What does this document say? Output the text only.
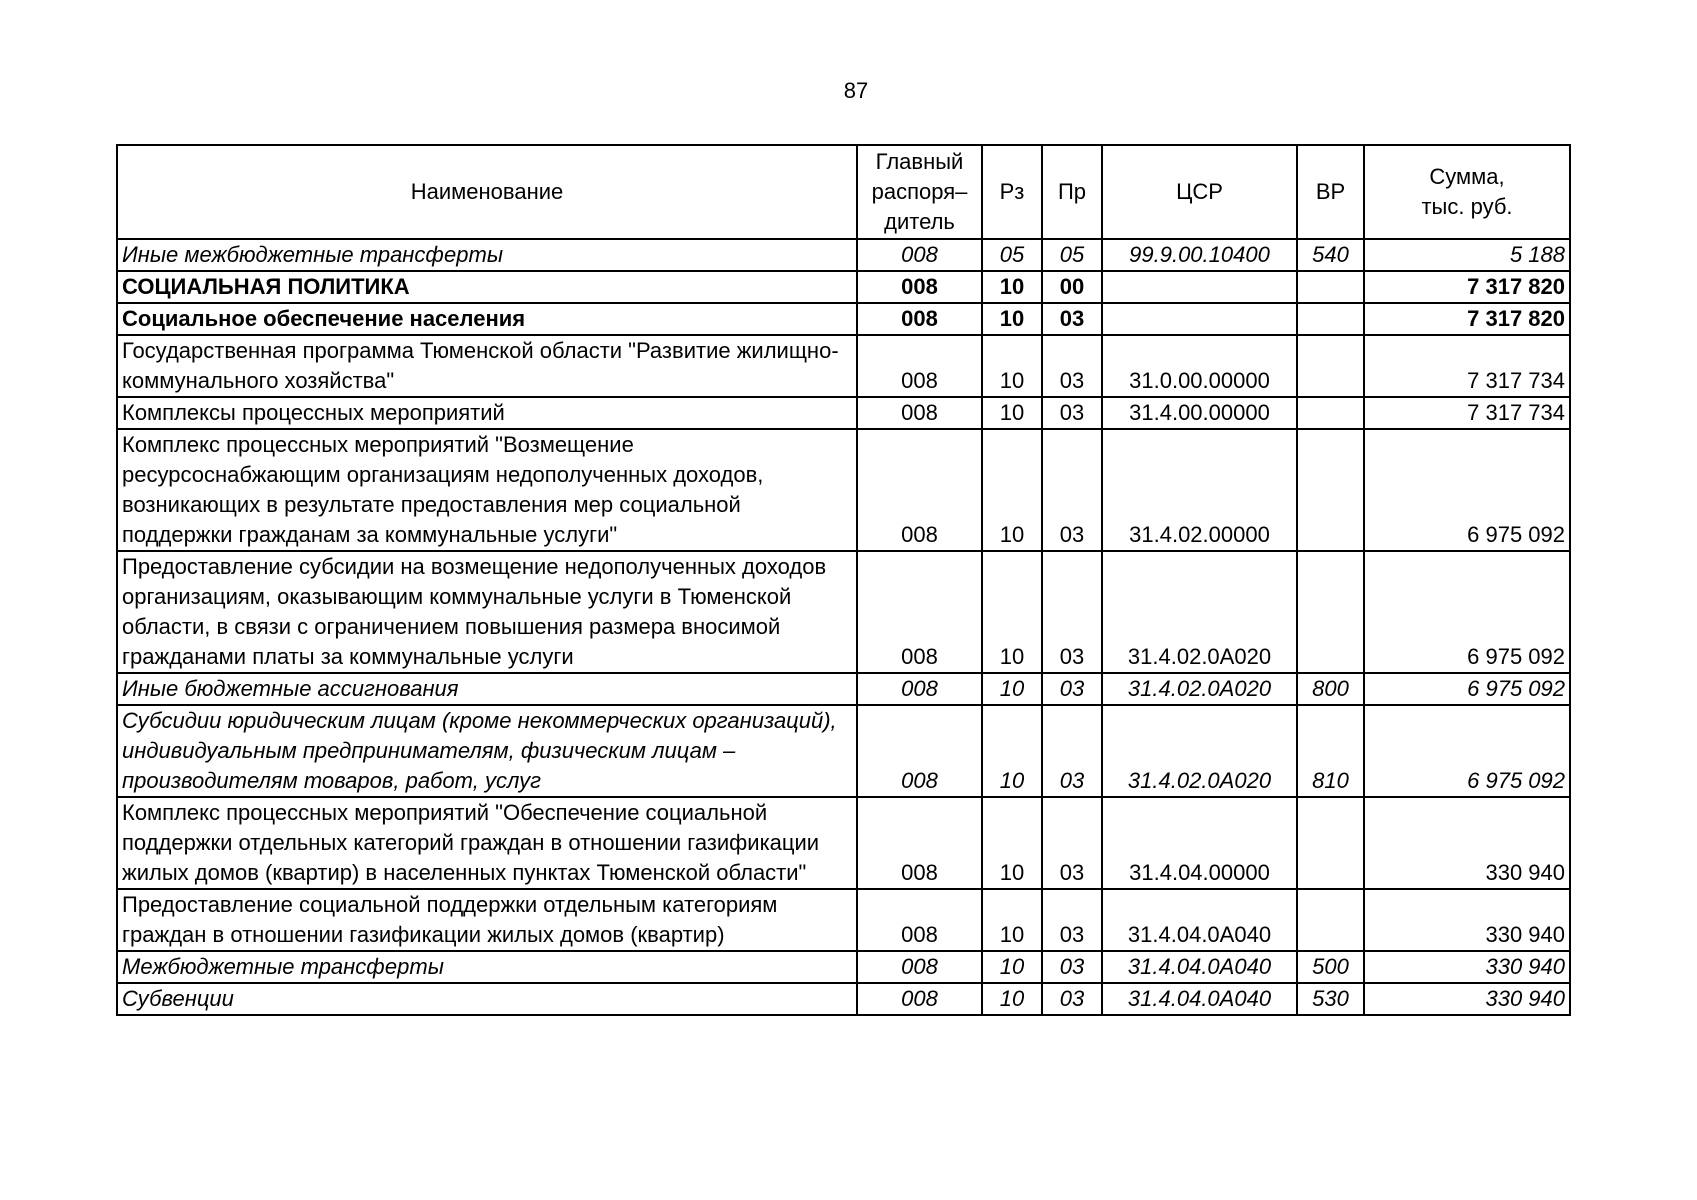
87
Наименование	Главный распоря–дитель	Рз	Пр	ЦСР	ВР	Сумма, тыс. руб.
Иные межбюджетные трансферты	008	05	05	99.9.00.10400	540	5 188
СОЦИАЛЬНАЯ ПОЛИТИКА	008	10	00			7 317 820
Социальное обеспечение населения	008	10	03			7 317 820
Государственная программа Тюменской области "Развитие жилищно-коммунального хозяйства"	008	10	03	31.0.00.00000		7 317 734
Комплексы процессных мероприятий	008	10	03	31.4.00.00000		7 317 734
Комплекс процессных мероприятий "Возмещение ресурсоснабжающим организациям недополученных доходов, возникающих в результате предоставления мер социальной поддержки гражданам за коммунальные услуги"	008	10	03	31.4.02.00000		6 975 092
Предоставление субсидии на возмещение недополученных доходов организациям, оказывающим коммунальные услуги в Тюменской области, в связи с ограничением повышения размера вносимой гражданами платы за коммунальные услуги	008	10	03	31.4.02.0А020		6 975 092
Иные бюджетные ассигнования	008	10	03	31.4.02.0А020	800	6 975 092
Субсидии юридическим лицам (кроме некоммерческих организаций), индивидуальным предпринимателям, физическим лицам – производителям товаров, работ, услуг	008	10	03	31.4.02.0А020	810	6 975 092
Комплекс процессных мероприятий "Обеспечение социальной поддержки отдельных категорий граждан в отношении газификации жилых домов (квартир) в населенных пунктах Тюменской области"	008	10	03	31.4.04.00000		330 940
Предоставление социальной поддержки отдельным категориям граждан в отношении газификации жилых домов (квартир)	008	10	03	31.4.04.0А040		330 940
Межбюджетные трансферты	008	10	03	31.4.04.0А040	500	330 940
Субвенции	008	10	03	31.4.04.0А040	530	330 940
